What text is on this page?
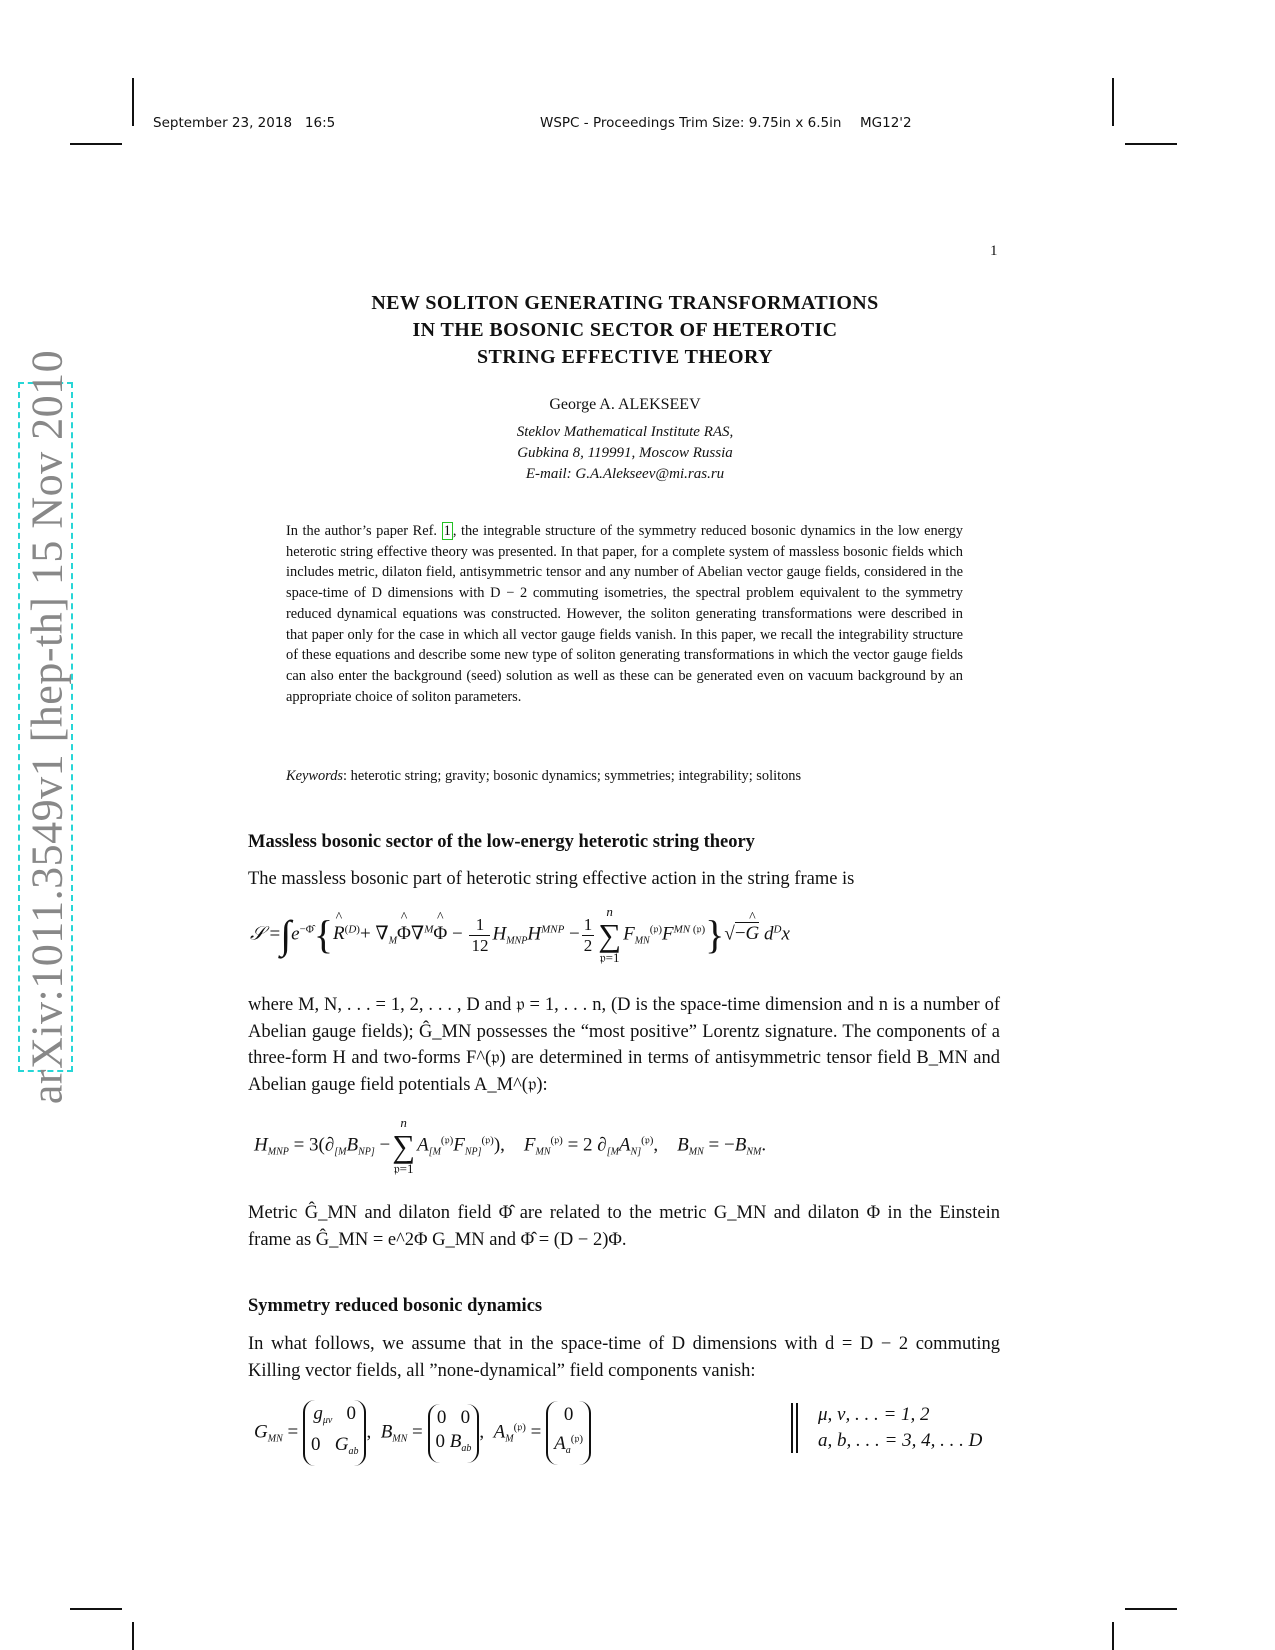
September 23, 2018 16:5	WSPC - Proceedings Trim Size: 9.75in x 6.5in MG12'2
1
arXiv:1011.3549v1 [hep-th] 15 Nov 2010
NEW SOLITON GENERATING TRANSFORMATIONS
IN THE BOSONIC SECTOR OF HETEROTIC
STRING EFFECTIVE THEORY
George A. ALEKSEEV
Steklov Mathematical Institute RAS,
Gubkina 8, 119991, Moscow Russia
E-mail: G.A.Alekseev@mi.ras.ru
In the author’s paper Ref. 1 , the integrable structure of the symmetry reduced bosonic dynamics in the low energy heterotic string effective theory was presented. In that paper, for a complete system of massless bosonic fields which includes metric, dilaton field, antisymmetric tensor and any number of Abelian vector gauge fields, considered in the space-time of D dimensions with D − 2 commuting isometries, the spectral problem equivalent to the symmetry reduced dynamical equations was constructed. However, the soliton generating transformations were described in that paper only for the case in which all vector gauge fields vanish. In this paper, we recall the integrability structure of these equations and describe some new type of soliton generating transformations in which the vector gauge fields can also enter the background (seed) solution as well as these can be generated even on vacuum background by an appropriate choice of soliton parameters.
Keywords: heterotic string; gravity; bosonic dynamics; symmetries; integrability; solitons
Massless bosonic sector of the low-energy heterotic string theory
The massless bosonic part of heterotic string effective action in the string frame is
𝒮 $=\int e^{-\Phî}\{\^{}$ $R^{(D)}+$ $\nabla_M\^{}$ Φ∇$^M$^ $\Phi - \frac{1}{12} H_{MNP}H^{MNP} - \frac{1}{2}$
n
∑
𝔭=1
$F_{MN}^{(𝔭)}F^{MN (𝔭)}\}√-\^{}$ G $d^Dx$
where M, N, . . . = 1, 2, . . . , D and 𝔭 = 1, . . . n, (D is the space-time dimension and n is a number of Abelian gauge fields); Ĝ_MN possesses the “most positive” Lorentz signature. The components of a three-form H and two-forms F^(𝔭) are determined in terms of antisymmetric tensor field B_MN and Abelian gauge field potentials A_M^(𝔭):
$H_{MNP} = 3(\partial_{[M}B_{NP]}$ −
n
∑
𝔭=1
$A_{[M}^{(𝔭)}F_{NP]}^{(𝔭)}$),    $F_{MN}^{(𝔭)} = 2$ $\partial_{[M}A_{N]}^{(𝔭)}$,    $B_{MN} = -B_{NM}$.
Metric Ĝ_MN and dilaton field Φ̂ are related to the metric G_MN and dilaton Φ in the Einstein frame as Ĝ_MN = e^2Φ G_MN and Φ̂ = (D − 2)Φ.
Symmetry reduced bosonic dynamics
In what follows, we assume that in the space-time of D dimensions with d = D − 2 commuting Killing vector fields, all ”none-dynamical” field components vanish:
$G_{MN}$ =
$g_{\mu\nu}$   0
0   $G_{ab}$
,  $B_{MN}$ =
0   0
0 $B_{ab}$
,  $A_M^{(𝔭)}$ =
0
$A_a^{(𝔭)}$
μ, ν, . . . = 1, 2
a, b, . . . = 3, 4, . . . D
